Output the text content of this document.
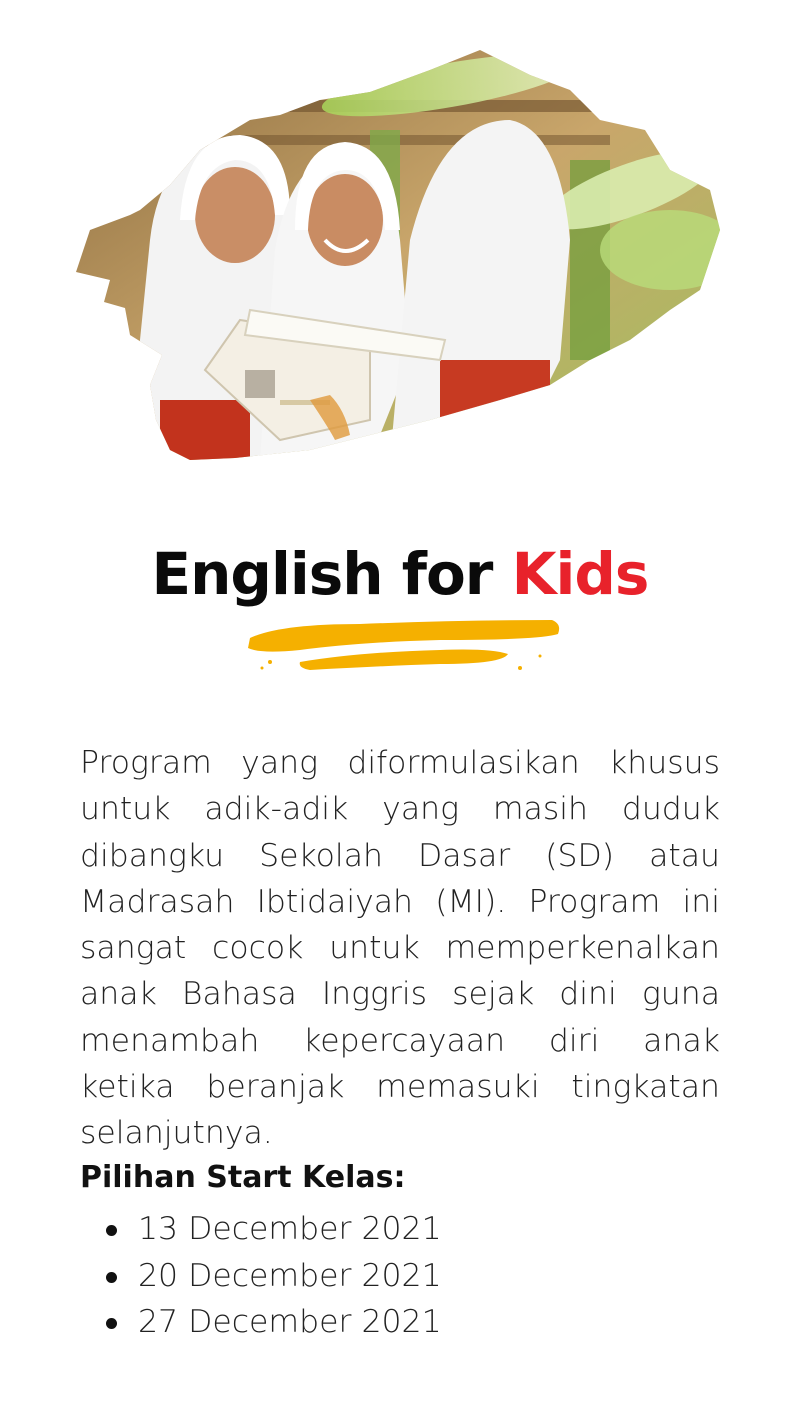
English for Kids

Program yang diformulasikan khusus untuk adik-adik yang masih duduk dibangku Sekolah Dasar (SD) atau Madrasah Ibtidaiyah (MI). Program ini sangat cocok untuk memperkenalkan anak Bahasa Inggris sejak dini guna menambah kepercayaan diri anak ketika beranjak memasuki tingkatan selanjutnya.

Pilihan Start Kelas:

13 December 2021
20 December 2021
27 December 2021
